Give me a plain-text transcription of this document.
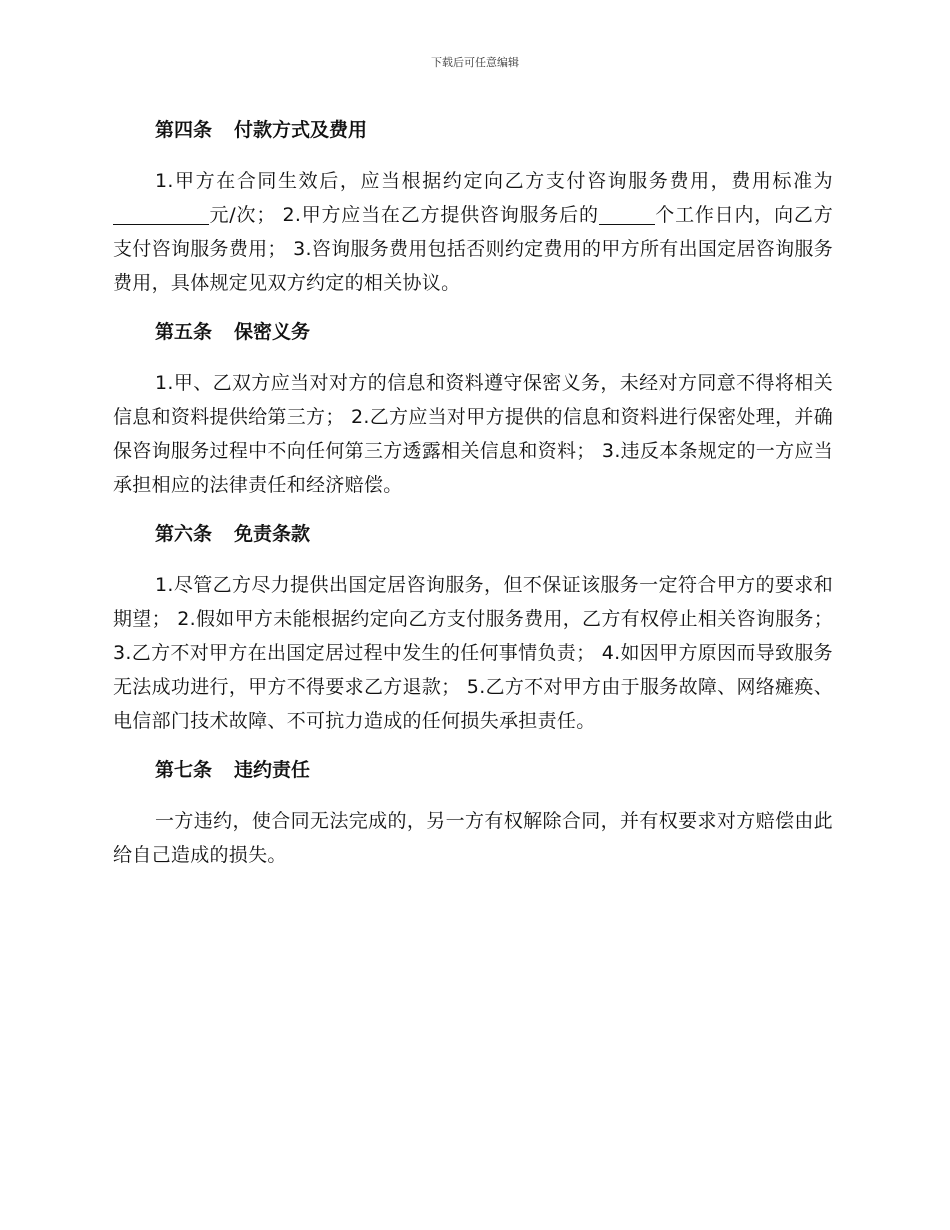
下载后可任意编辑

第四条 付款方式及费用

1.甲方在合同生效后，应当根据约定向乙方支付咨询服务费用，费用标准为元/次； 2.甲方应当在乙方提供咨询服务后的	个工作日内，向乙方支付咨询服务费用； 3.咨询服务费用包括否则约定费用的甲方所有出国定居咨询服务费用，具体规定见双方约定的相关协议。

第五条 保密义务

1.甲、乙双方应当对对方的信息和资料遵守保密义务，未经对方同意不得将相关信息和资料提供给第三方； 2.乙方应当对甲方提供的信息和资料进行保密处理，并确保咨询服务过程中不向任何第三方透露相关信息和资料； 3.违反本条规定的一方应当承担相应的法律责任和经济赔偿。

第六条 免责条款

1.尽管乙方尽力提供出国定居咨询服务，但不保证该服务一定符合甲方的要求和期望； 2.假如甲方未能根据约定向乙方支付服务费用，乙方有权停止相关咨询服务； 3.乙方不对甲方在出国定居过程中发生的任何事情负责； 4.如因甲方原因而导致服务无法成功进行，甲方不得要求乙方退款； 5.乙方不对甲方由于服务故障、网络瘫痪、电信部门技术故障、不可抗力造成的任何损失承担责任。

第七条 违约责任

一方违约，使合同无法完成的，另一方有权解除合同，并有权要求对方赔偿由此给自己造成的损失。
